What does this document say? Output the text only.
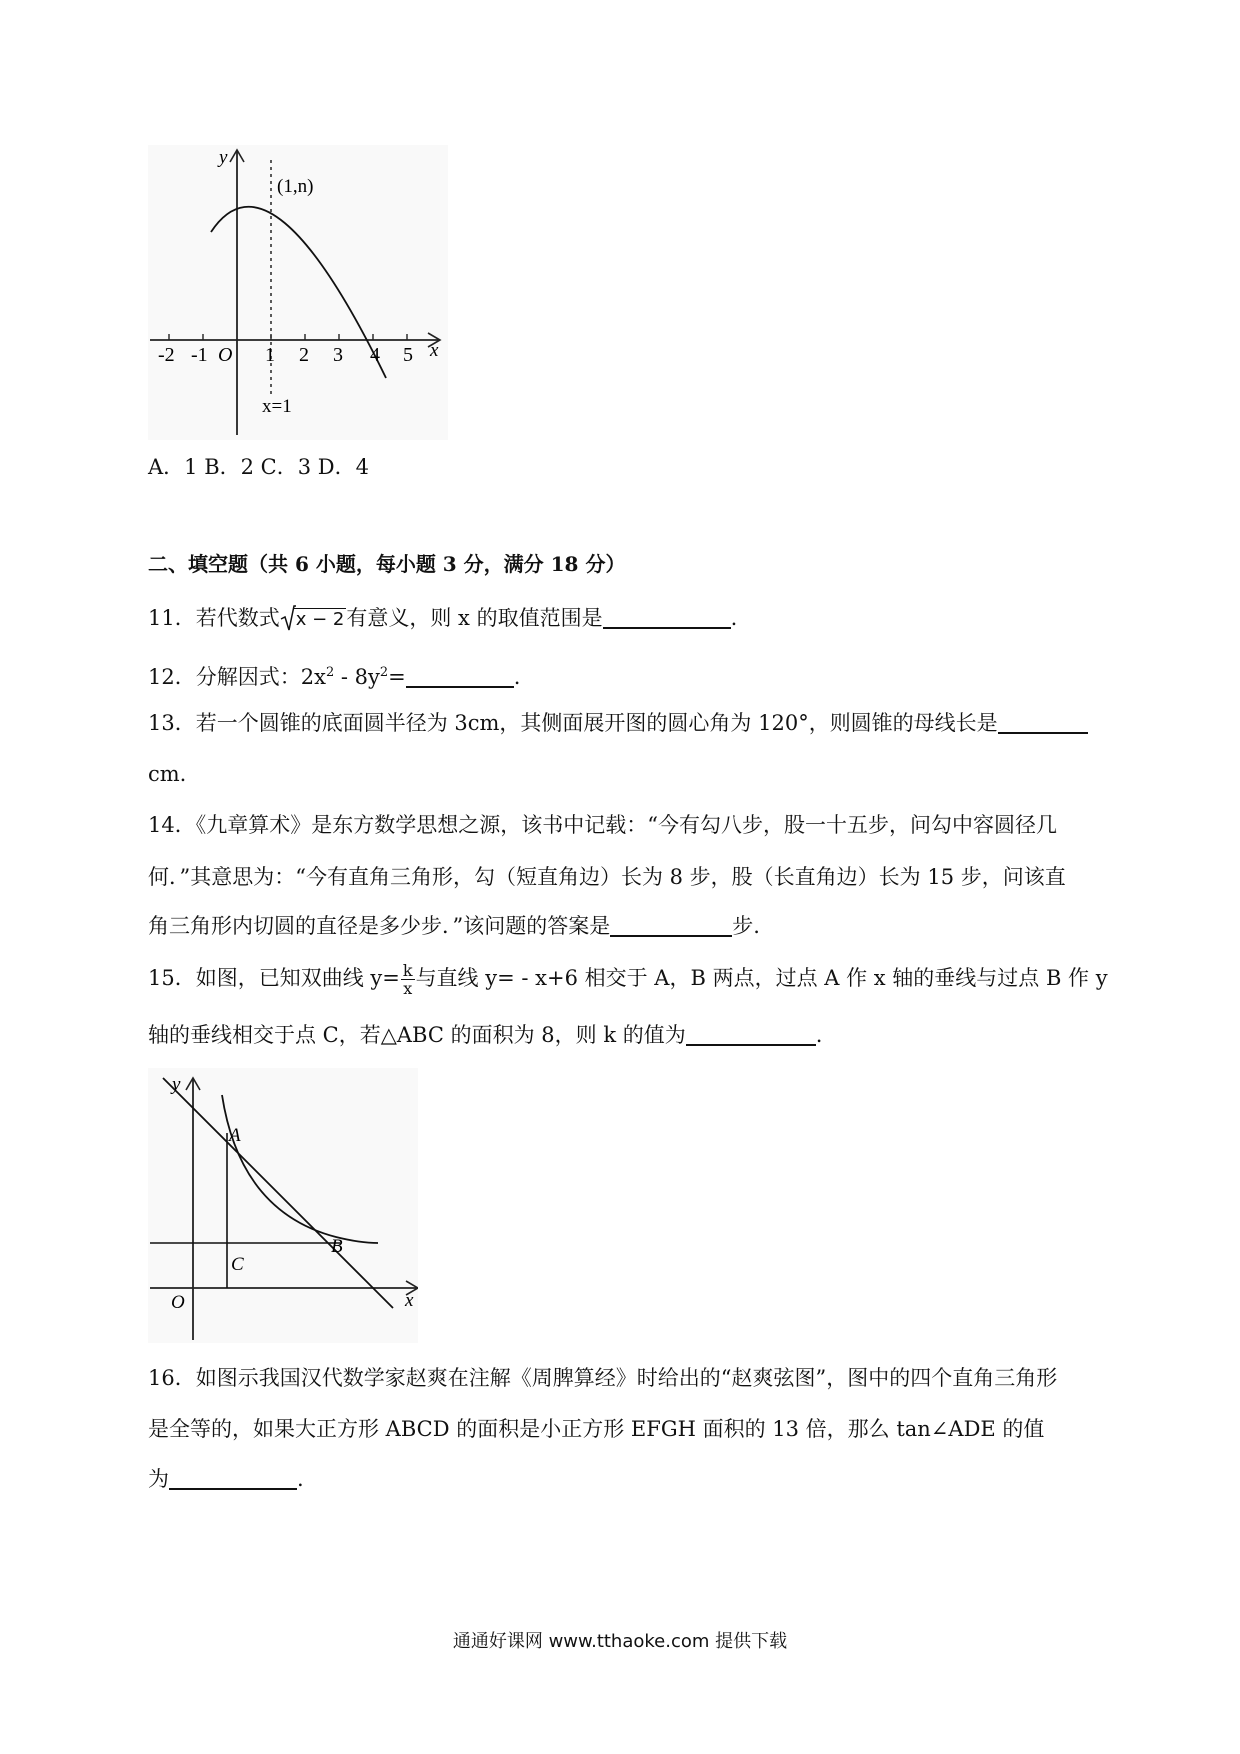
y
x
(1,n)
-2 -1 O 1 2 3 4 5
x=1
A．1 B．2 C．3 D．4
二、填空题（共 6 小题，每小题 3 分，满分 18 分）
11．若代数式 x − 2有意义，则 x 的取值范围是	.
12．分解因式：$2x^2 - 8y^2=$	.
13．若一个圆锥的底面圆半径为 3cm，其侧面展开图的圆心角为 120°，则圆锥的母线长是
cm.
14．《九章算术》是东方数学思想之源，该书中记载：“今有勾八步，股一十五步，问勾中容圆径几
何．”其意思为：“今有直角三角形，勾（短直角边）长为 8 步，股（长直角边）长为 15 步，问该直
角三角形内切圆的直径是多少步．”该问题的答案是	步.
15．如图，已知双曲线 $y= \frac{k}{x}$ 与直线 y= - x+6 相交于 A，B 两点，过点 A 作 x 轴的垂线与过点 B 作 y
轴的垂线相交于点 C，若△ABC 的面积为 8，则 k 的值为	.
y
x
O
A
B
C
16．如图示我国汉代数学家赵爽在注解《周脾算经》时给出的“赵爽弦图”，图中的四个直角三角形
是全等的，如果大正方形 ABCD 的面积是小正方形 EFGH 面积的 13 倍，那么 tan∠ADE 的值
为	.
通通好课网 www.tthaoke.com 提供下载
